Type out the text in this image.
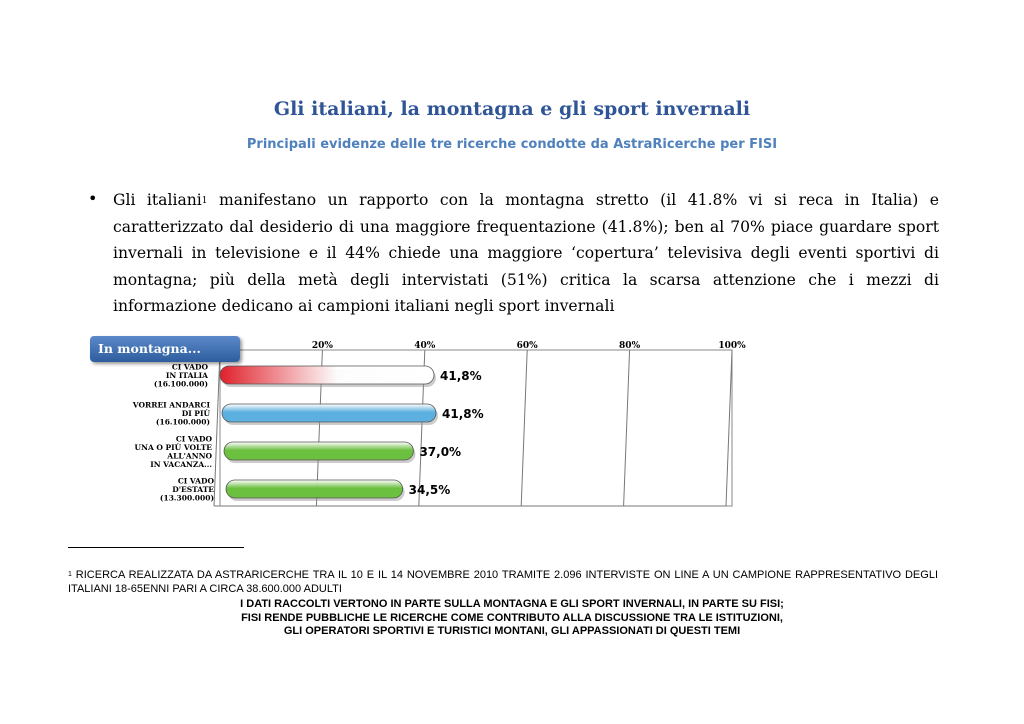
Gli italiani, la montagna e gli sport invernali
Principali evidenze delle tre ricerche condotte da AstraRicerche per FISI
• Gli italiani$^1$ manifestano un rapporto con la montagna stretto (il 41.8% vi si reca in Italia) e caratterizzato dal desiderio di una maggiore frequentazione (41.8%); ben al 70% piace guardare sport invernali in televisione e il 44% chiede una maggiore ‘copertura’ televisiva degli eventi sportivi di montagna; più della metà degli intervistati (51%) critica la scarsa attenzione che i mezzi di informazione dedicano ai campioni italiani negli sport invernali
20%	40%	60%	80%	100%
41,8%
CI VADO
IN ITALIA
(16.100.000)
41,8%
VORREI ANDARCI
DI PIÙ
(16.100.000)
37,0%
CI VADO
UNA O PIÙ VOLTE
ALL'ANNO
IN VACANZA...
34,5%
CI VADO
D'ESTATE
(13.300.000)
In montagna...
$^1$ RICERCA REALIZZATA DA ASTRARICERCHE TRA IL 10 E IL 14 NOVEMBRE 2010 TRAMITE 2.096 INTERVISTE ON LINE A UN CAMPIONE RAPPRESENTATIVO DEGLI ITALIANI 18-65ENNI PARI A CIRCA 38.600.000 ADULTI
I DATI RACCOLTI VERTONO IN PARTE SULLA MONTAGNA E GLI SPORT INVERNALI, IN PARTE SU FISI;
FISI RENDE PUBBLICHE LE RICERCHE COME CONTRIBUTO ALLA DISCUSSIONE TRA LE ISTITUZIONI,
GLI OPERATORI SPORTIVI E TURISTICI MONTANI, GLI APPASSIONATI DI QUESTI TEMI
